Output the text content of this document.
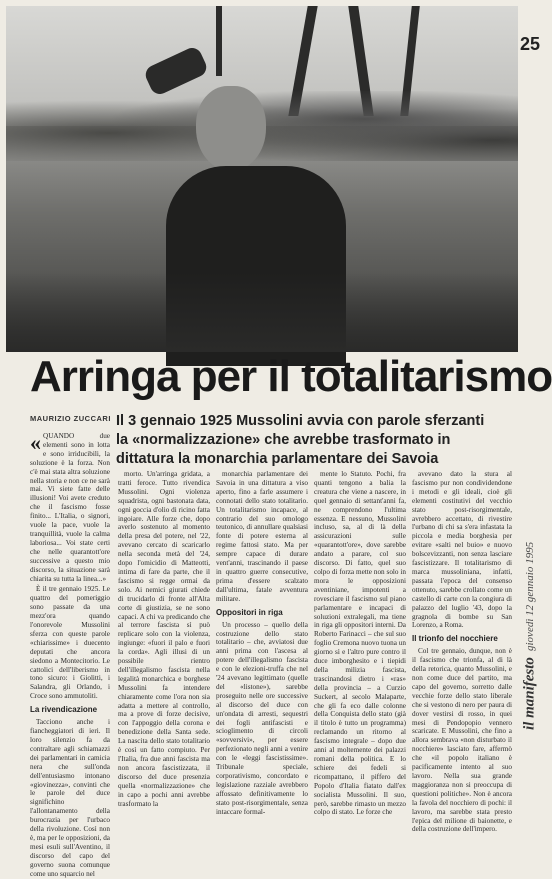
25
il manifesto
giovedì 12 gennaio 1995
Arringa per il totalitarismo
MAURIZIO ZUCCARI Il 3 gennaio 1925 Mussolini avvia con parole sferzanti la «normalizzazione» che avrebbe trasformato in dittatura la monarchia parlamentare dei Savoia

« QUANDO due elementi sono in lotta e sono irriducibili, la soluzione è la forza. Non c'è mai stata altra soluzione nella storia e non ce ne sarà mai. Vi siete fatte delle illusioni! Voi avete creduto che il fascismo fosse finito... L'Italia, o signori, vuole la pace, vuole la tranquillità, vuole la calma laboriosa... Voi state certi che nelle quarantott'ore successive a questo mio discorso, la situazione sarà chiarita su tutta la linea...»

È il tre gennaio 1925. Le quattro del pomeriggio sono passate da una mezz'ora quando l'onorevole Mussolini sferza con queste parole «chiarissime» i duecento deputati che ancora siedono a Montecitorio. Le cattolici dell'liberismo in tono sicuro: i Giolitti, i Salandra, gli Orlando, i Croce sono ammutoliti.

La rivendicazione

Tacciono anche i fiancheggiatori di ieri. Il loro silenzio fa da contraltare agli schiamazzi dei parlamentari in camicia nera che sull'onda dell'entusiasmo intonano «giovinezza», convinti che le parole del duce significhino l'allontanamento della burocrazia per l'urbaco della rivoluzione. Così non è, ma per le opposizioni, da mesi esuli sull'Aventino, il discorso del capo del governo suona comunque come uno squarcio nel

morto. Un'arringa gridata, a tratti feroce. Tutto rivendica Mussolini. Ogni violenza squadrista, ogni bastonata data, ogni goccia d'olio di ricino fatta ingoiare. Alle forze che, dopo averlo sostenuto al momento della presa del potere, nel '22, avevano cercato di scaricarlo nella seconda metà del '24, dopo l'omicidio di Matteotti, intima di fare da parte, che il fascismo si regge ormai da solo. Ai nemici giurati chiede di trucidarlo di fronte all'Alta corte di giustizia, se ne sono capaci. A chi va predicando che al terrore fascista sì può replicare solo con la violenza, ingiunge: «fuori il palo e fuori la corda». Agli illusi di un possibile rientro dell'illegalismo fascista nella legalità monarchica e borghese Mussolini fa intendere chiaramente come l'ora non sia adatta a mettere al controllo, ma a prove di forze decisive, con l'appoggio della corona e benedizione della Santa sede. La nascita dello stato totalitario è così un fatto compiuto. Per l'Italia, fra due anni fascista ma non ancora fascistizzata, il discorso del duce presenzia quella «normalizzazione» che in capo a pochi anni avrebbe trasformato la

monarchia parlamentare dei Savoia in una dittatura a viso aperto, fino a farle assumere i connotati dello stato totalitario. Un totalitarismo incapace, al contrario del suo omologo teutonico, di annullare qualsiasi fonte di potere esterna al regime fattosi stato. Ma per sempre capace di durare vent'anni, trascinando il paese in quattro guerre consecutive, prima d'essere scalzato dall'ultima, fatale avventura militare.

Oppositori in riga

Un processo – quello della costruzione dello stato totalitario – che, avviatosi due anni prima con l'ascesa al potere dell'illegalismo fascista e con le elezioni-truffa che nel '24 avevano legittimato (quelle del «listone»), sarebbe proseguito nelle ore successive al discorso del duce con un'ondata di arresti, sequestri dei fogli antifascisti e scioglimento di circoli «sovversivi», per essere perfezionato negli anni a venire con le «leggi fascistissime». Tribunale speciale, corporativismo, concordato e legislazione razziale avrebbero affossato definitivamente lo stato post-risorgimentale, senza intaccare formal-

mente lo Statuto. Pochi, fra quanti tengono a balia la creatura che viene a nascere, in quel gennaio di settant'anni fa, ne comprendono l'ultima essenza. E nessuno, Mussolini incluso, sa, al di là della assicurazioni sulle «quarantott'ore», dove sarebbe andato a parare, col suo discorso. Di fatto, quel suo colpo di forza mette non solo in mora le opposizioni aventiniane, impotenti a rovesciare il fascismo sul piano parlamentare e incapaci di soluzioni extralegali, ma tiene in riga gli oppositori interni. Da Roberto Farinacci – che sul suo foglio Cremona nuovo tuona un giorno sì e l'altro pure contro il duce imborghesito e i tiepidi della milizia fascista, trascinandosi dietro i «ras» della provincia – a Curzio Suckert, al secolo Malaparte, che gli fa eco dalle colonne della Conquista dello stato (già il titolo è tutto un programma) reclamando un ritorno al fascismo integrale – dopo due anni al moltemente dei palazzi romani della politica. E lo schiere dei fedeli si ricompattano, il piffero del Popolo d'Italia fiatato dall'ex socialista Mussolini. Il suo, però, sarebbe rimasto un mezzo colpo di stato. Le forze che

avevano dato la stura al fascismo pur non condividendone i metodi e gli ideali, cioè gli elementi costitutivi del vecchio stato post-risorgimentale, avrebbero accettato, di rivestire l'urbano di chi sa s'era infastata la piccola e media borghesia per evitare «salti nel buio» e nuovo bolscevizzanti, non senza lasciare fascistizzare. Il totalitarismo di marca mussoliniana, infatti, passata l'epoca del consenso ottenuto, sarebbe crollato come un castello di carte con la congiura di palazzo del luglio '43, dopo la gragnola di bombe su San Lorenzo, a Roma.

Il trionfo del nocchiere

Col tre gennaio, dunque, non è il fascismo che trionfa, al di là della retorica, quanto Mussolini, e non come duce del partito, ma capo del governo, sorretto dalle vecchie forze dello stato liberale che si vestono di nero per paura di dover vestirsi di rosso, in quei mesi di Pendopopio vennero scaricate. E Mussolini, che fino a allora sembrava «non disturbato il nocchiere» lasciato fare, affermò che «il popolo italiano è pacificamente intento al suo lavoro. Nella sua grande maggioranza non si preoccupa di questioni politiche». Non è ancora la favola del nocchiero di pochi: il lavoro, ma sarebbe stata presto l'epica del milione di baionette, e della costruzione dell'impero.
